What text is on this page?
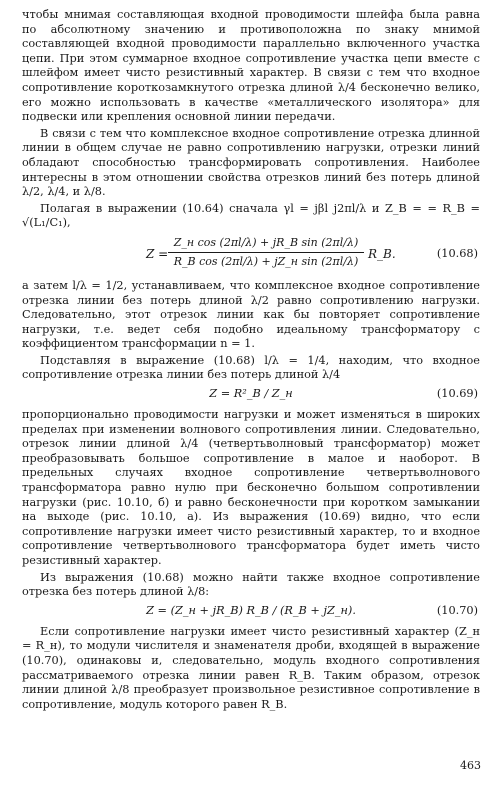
чтобы мнимая составляющая входной проводимости шлейфа была равна по абсолютному значению и противоположна по знаку мнимой составляющей входной проводимости параллельно включенного участка цепи. При этом суммарное входное сопротивление участка цепи вместе с шлейфом имеет чисто резистивный характер. В связи с тем что входное сопротивление короткозамкнутого отрезка длиной λ/4 бесконечно велико, его можно использовать в качестве «металлического изолятора» для подвески или крепления основной линии передачи.

В связи с тем что комплексное входное сопротивление отрезка длинной линии в общем случае не равно сопротивлению нагрузки, отрезки линий обладают способностью трансформировать сопротивления. Наиболее интересны в этом отношении свойства отрезков линий без потерь длиной λ/2, λ/4, и λ/8.

Полагая в выражении (10.64) сначала γl = jβl j2πl/λ и Z_В = = R_В = √(L₁/C₁),

Z =
Z_н cos (2πl/λ) + jR_В sin (2πl/λ)
R_В cos (2πl/λ) + jZ_н sin (2πl/λ)
R_В.	(10.68)

а затем l/λ = 1/2, устанавливаем, что комплексное входное сопротивление отрезка линии без потерь длиной λ/2 равно сопротивлению нагрузки. Следовательно, этот отрезок линии как бы повторяет сопротивление нагрузки, т.е. ведет себя подобно идеальному трансформатору с коэффициентом трансформации n = 1.

Подставляя в выражение (10.68) l/λ = 1/4, находим, что входное сопротивление отрезка линии без потерь длиной λ/4

Z = R²_В / Z_н	(10.69)

пропорционально проводимости нагрузки и может изменяться в широких пределах при изменении волнового сопротивления линии. Следовательно, отрезок линии длиной λ/4 (четвертьволновый трансформатор) может преобразовывать большое сопротивление в малое и наоборот. В предельных случаях входное сопротивление четвертьволнового трансформатора равно нулю при бесконечно большом сопротивлении нагрузки (рис. 10.10, б) и равно бесконечности при коротком замыкании на выходе (рис. 10.10, а). Из выражения (10.69) видно, что если сопротивление нагрузки имеет чисто резистивный характер, то и входное сопротивление четвертьволнового трансформатора будет иметь чисто резистивный характер.

Из выражения (10.68) можно найти также входное сопротивление отрезка без потерь длиной λ/8:

Z = (Z_н + jR_В) R_В / (R_В + jZ_н).	(10.70)

Если сопротивление нагрузки имеет чисто резистивный характер (Z_н = R_н), то модули числителя и знаменателя дроби, входящей в выражение (10.70), одинаковы и, следовательно, модуль входного сопротивления рассматриваемого отрезка линии равен R_В. Таким образом, отрезок линии длиной λ/8 преобразует произвольное резистивное сопротивление в сопротивление, модуль которого равен R_В.

463
